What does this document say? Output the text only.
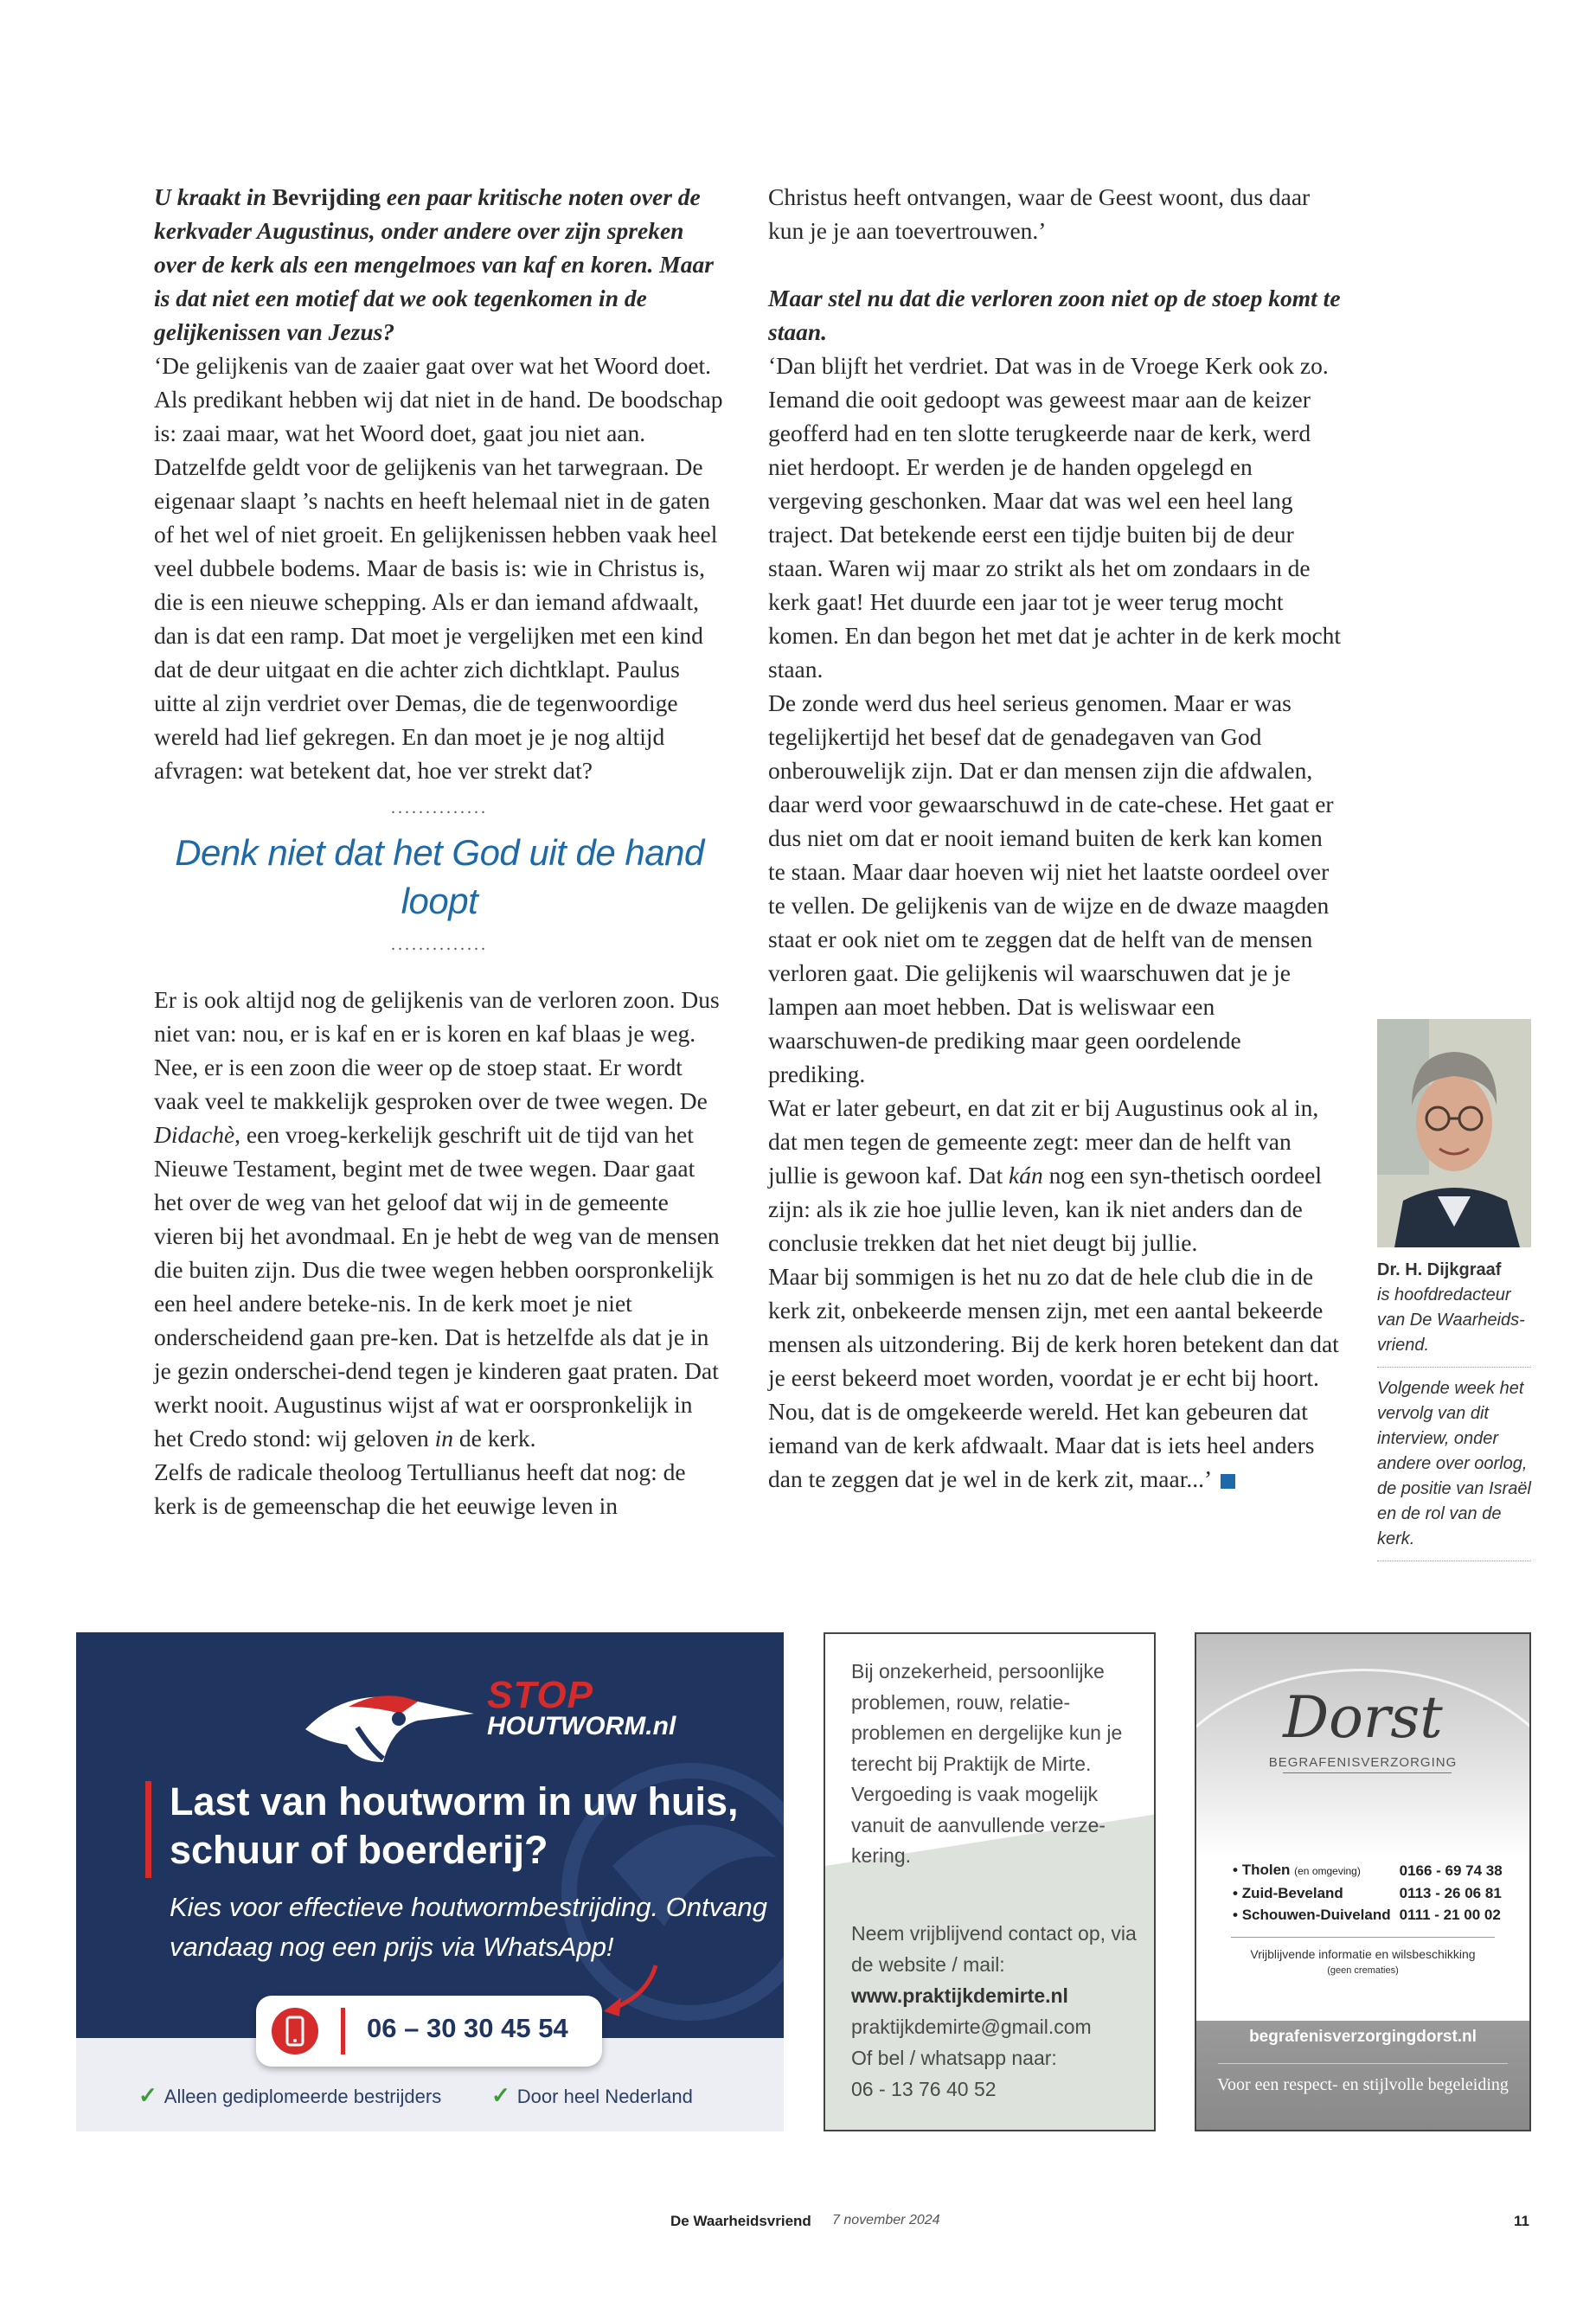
U kraakt in Bevrijding een paar kritische noten over de kerkvader Augustinus, onder andere over zijn spreken over de kerk als een mengelmoes van kaf en koren. Maar is dat niet een motief dat we ook tegenkomen in de gelijkenissen van Jezus?

‘De gelijkenis van de zaaier gaat over wat het Woord doet. Als predikant hebben wij dat niet in de hand. De boodschap is: zaai maar, wat het Woord doet, gaat jou niet aan. Datzelfde geldt voor de gelijkenis van het tarwegraan. De eigenaar slaapt ’s nachts en heeft helemaal niet in de gaten of het wel of niet groeit. En gelijkenissen hebben vaak heel veel dubbele bodems. Maar de basis is: wie in Christus is, die is een nieuwe schepping. Als er dan iemand afdwaalt, dan is dat een ramp. Dat moet je vergelijken met een kind dat de deur uitgaat en die achter zich dichtklapt. Paulus uitte al zijn verdriet over Demas, die de tegenwoordige wereld had lief gekregen. En dan moet je je nog altijd afvragen: wat betekent dat, hoe ver strekt dat?

..............
Denk niet dat het God uit de hand loopt
..............

Er is ook altijd nog de gelijkenis van de verloren zoon. Dus niet van: nou, er is kaf en er is koren en kaf blaas je weg. Nee, er is een zoon die weer op de stoep staat. Er wordt vaak veel te makkelijk gesproken over de twee wegen. De Didachè, een vroeg-kerkelijk geschrift uit de tijd van het Nieuwe Testament, begint met de twee wegen. Daar gaat het over de weg van het geloof dat wij in de gemeente vieren bij het avondmaal. En je hebt de weg van de mensen die buiten zijn. Dus die twee wegen hebben oorspronkelijk een heel andere beteke-nis. In de kerk moet je niet onderscheidend gaan pre-ken. Dat is hetzelfde als dat je in je gezin onderschei-dend tegen je kinderen gaat praten. Dat werkt nooit. Augustinus wijst af wat er oorspronkelijk in het Credo stond: wij geloven in de kerk.

Zelfs de radicale theoloog Tertullianus heeft dat nog: de kerk is de gemeenschap die het eeuwige leven in

Christus heeft ontvangen, waar de Geest woont, dus daar kun je je aan toevertrouwen.’

Maar stel nu dat die verloren zoon niet op de stoep komt te staan.

‘Dan blijft het verdriet. Dat was in de Vroege Kerk ook zo. Iemand die ooit gedoopt was geweest maar aan de keizer geofferd had en ten slotte terugkeerde naar de kerk, werd niet herdoopt. Er werden je de handen opgelegd en vergeving geschonken. Maar dat was wel een heel lang traject. Dat betekende eerst een tijdje buiten bij de deur staan. Waren wij maar zo strikt als het om zondaars in de kerk gaat! Het duurde een jaar tot je weer terug mocht komen. En dan begon het met dat je achter in de kerk mocht staan.

De zonde werd dus heel serieus genomen. Maar er was tegelijkertijd het besef dat de genadegaven van God onberouwelijk zijn. Dat er dan mensen zijn die afdwalen, daar werd voor gewaarschuwd in de cate-chese. Het gaat er dus niet om dat er nooit iemand buiten de kerk kan komen te staan. Maar daar hoeven wij niet het laatste oordeel over te vellen. De gelijkenis van de wijze en de dwaze maagden staat er ook niet om te zeggen dat de helft van de mensen verloren gaat. Die gelijkenis wil waarschuwen dat je je lampen aan moet hebben. Dat is weliswaar een waarschuwen-de prediking maar geen oordelende prediking.

Wat er later gebeurt, en dat zit er bij Augustinus ook al in, dat men tegen de gemeente zegt: meer dan de helft van jullie is gewoon kaf. Dat kán nog een syn-thetisch oordeel zijn: als ik zie hoe jullie leven, kan ik niet anders dan de conclusie trekken dat het niet deugt bij jullie.

Maar bij sommigen is het nu zo dat de hele club die in de kerk zit, onbekeerde mensen zijn, met een aantal bekeerde mensen als uitzondering. Bij de kerk horen betekent dan dat je eerst bekeerd moet worden, voordat je er echt bij hoort. Nou, dat is de omgekeerde wereld. Het kan gebeuren dat iemand van de kerk afdwaalt. Maar dat is iets heel anders dan te zeggen dat je wel in de kerk zit, maar...’

Dr. H. Dijkgraaf
is hoofdredacteur van De Waarheids-vriend.
Volgende week het vervolg van dit interview, onder andere over oorlog, de positie van Israël en de rol van de kerk.
STOP
HOUTWORM.nl
Last van houtworm in uw huis, schuur of boerderij?
Kies voor effectieve houtwormbestrijding. Ontvang vandaag nog een prijs via WhatsApp!
06 – 30 30 45 54
✓ Alleen gediplomeerde bestrijders ✓ Door heel Nederland
Bij onzekerheid, persoonlijke problemen, rouw, relatie-problemen en dergelijke kun je terecht bij Praktijk de Mirte. Vergoeding is vaak mogelijk vanuit de aanvullende verze-kering.
Neem vrijblijvend contact op, via de website / mail:
www.praktijkdemirte.nl
praktijkdemirte@gmail.com
Of bel / whatsapp naar:
06 - 13 76 40 52
Dorst
BEGRAFENISVERZORGING
• Tholen (en omgeving)	0166 - 69 74 38
• Zuid-Beveland	0113 - 26 06 81
• Schouwen-Duiveland	0111 - 21 00 02
Vrijblijvende informatie en wilsbeschikking
(geen crematies)
begrafenisverzorgingdorst.nl
Voor een respect- en stijlvolle begeleiding
De Waarheidsvriend 7 november 2024	11
